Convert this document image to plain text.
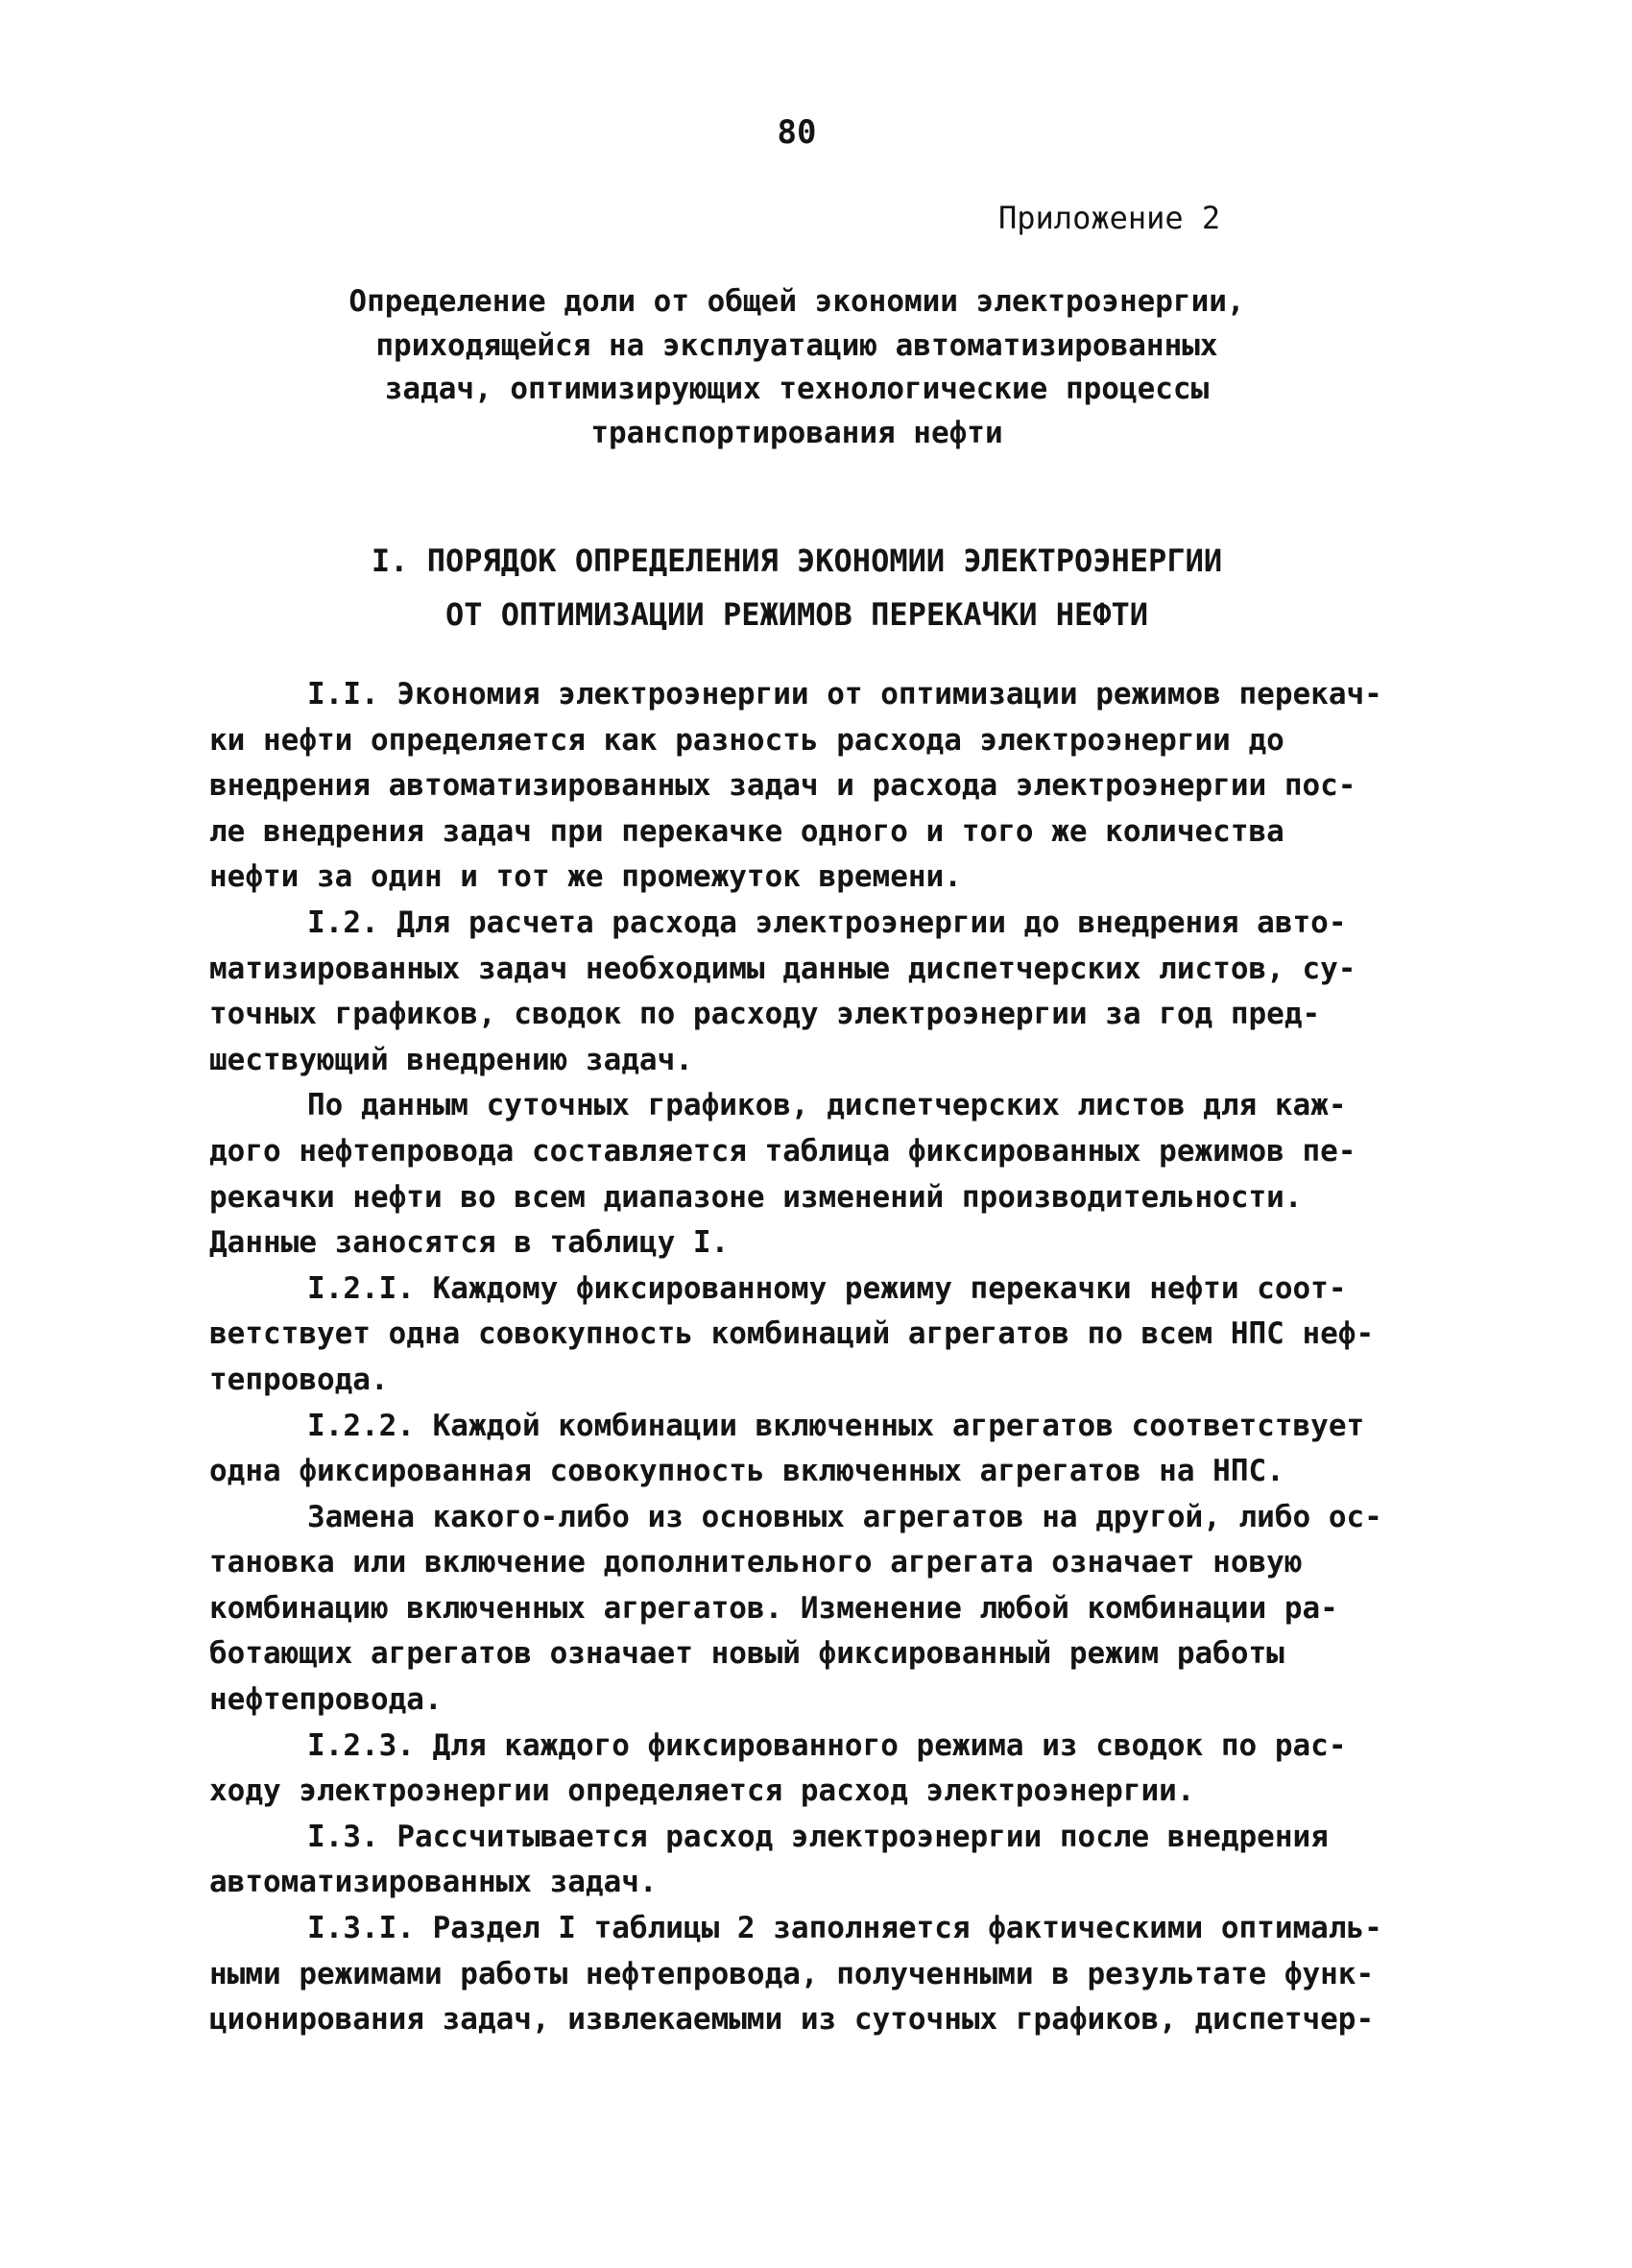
80
Приложение 2
Определение доли от общей экономии электроэнергии,
приходящейся на эксплуатацию автоматизированных
задач, оптимизирующих технологические процессы
транспортирования нефти
I. ПОРЯДОК ОПРЕДЕЛЕНИЯ ЭКОНОМИИ ЭЛЕКТРОЭНЕРГИИ
ОТ ОПТИМИЗАЦИИ РЕЖИМОВ ПЕРЕКАЧКИ НЕФТИ
I.I. Экономия электроэнергии от оптимизации режимов перекач-
ки нефти определяется как разность расхода электроэнергии до
внедрения автоматизированных задач и расхода электроэнергии пос-
ле внедрения задач при перекачке одного и того же количества
нефти за один и тот же промежуток времени.
I.2. Для расчета расхода электроэнергии до внедрения авто-
матизированных задач необходимы данные диспетчерских листов, су-
точных графиков, сводок по расходу электроэнергии за год пред-
шествующий внедрению задач.
По данным суточных графиков, диспетчерских листов для каж-
дого нефтепровода составляется таблица фиксированных режимов пе-
рекачки нефти во всем диапазоне изменений производительности.
Данные заносятся в таблицу I.
I.2.I. Каждому фиксированному режиму перекачки нефти соот-
ветствует одна совокупность комбинаций агрегатов по всем НПС неф-
тепровода.
I.2.2. Каждой комбинации включенных агрегатов соответствует
одна фиксированная совокупность включенных агрегатов на НПС.
Замена какого-либо из основных агрегатов на другой, либо ос-
тановка или включение дополнительного агрегата означает новую
комбинацию включенных агрегатов. Изменение любой комбинации ра-
ботающих агрегатов означает новый фиксированный режим работы
нефтепровода.
I.2.3. Для каждого фиксированного режима из сводок по рас-
ходу электроэнергии определяется расход электроэнергии.
I.3. Рассчитывается расход электроэнергии после внедрения
автоматизированных задач.
I.3.I. Раздел I таблицы 2 заполняется фактическими оптималь-
ными режимами работы нефтепровода, полученными в результате функ-
ционирования задач, извлекаемыми из суточных графиков, диспетчер-
